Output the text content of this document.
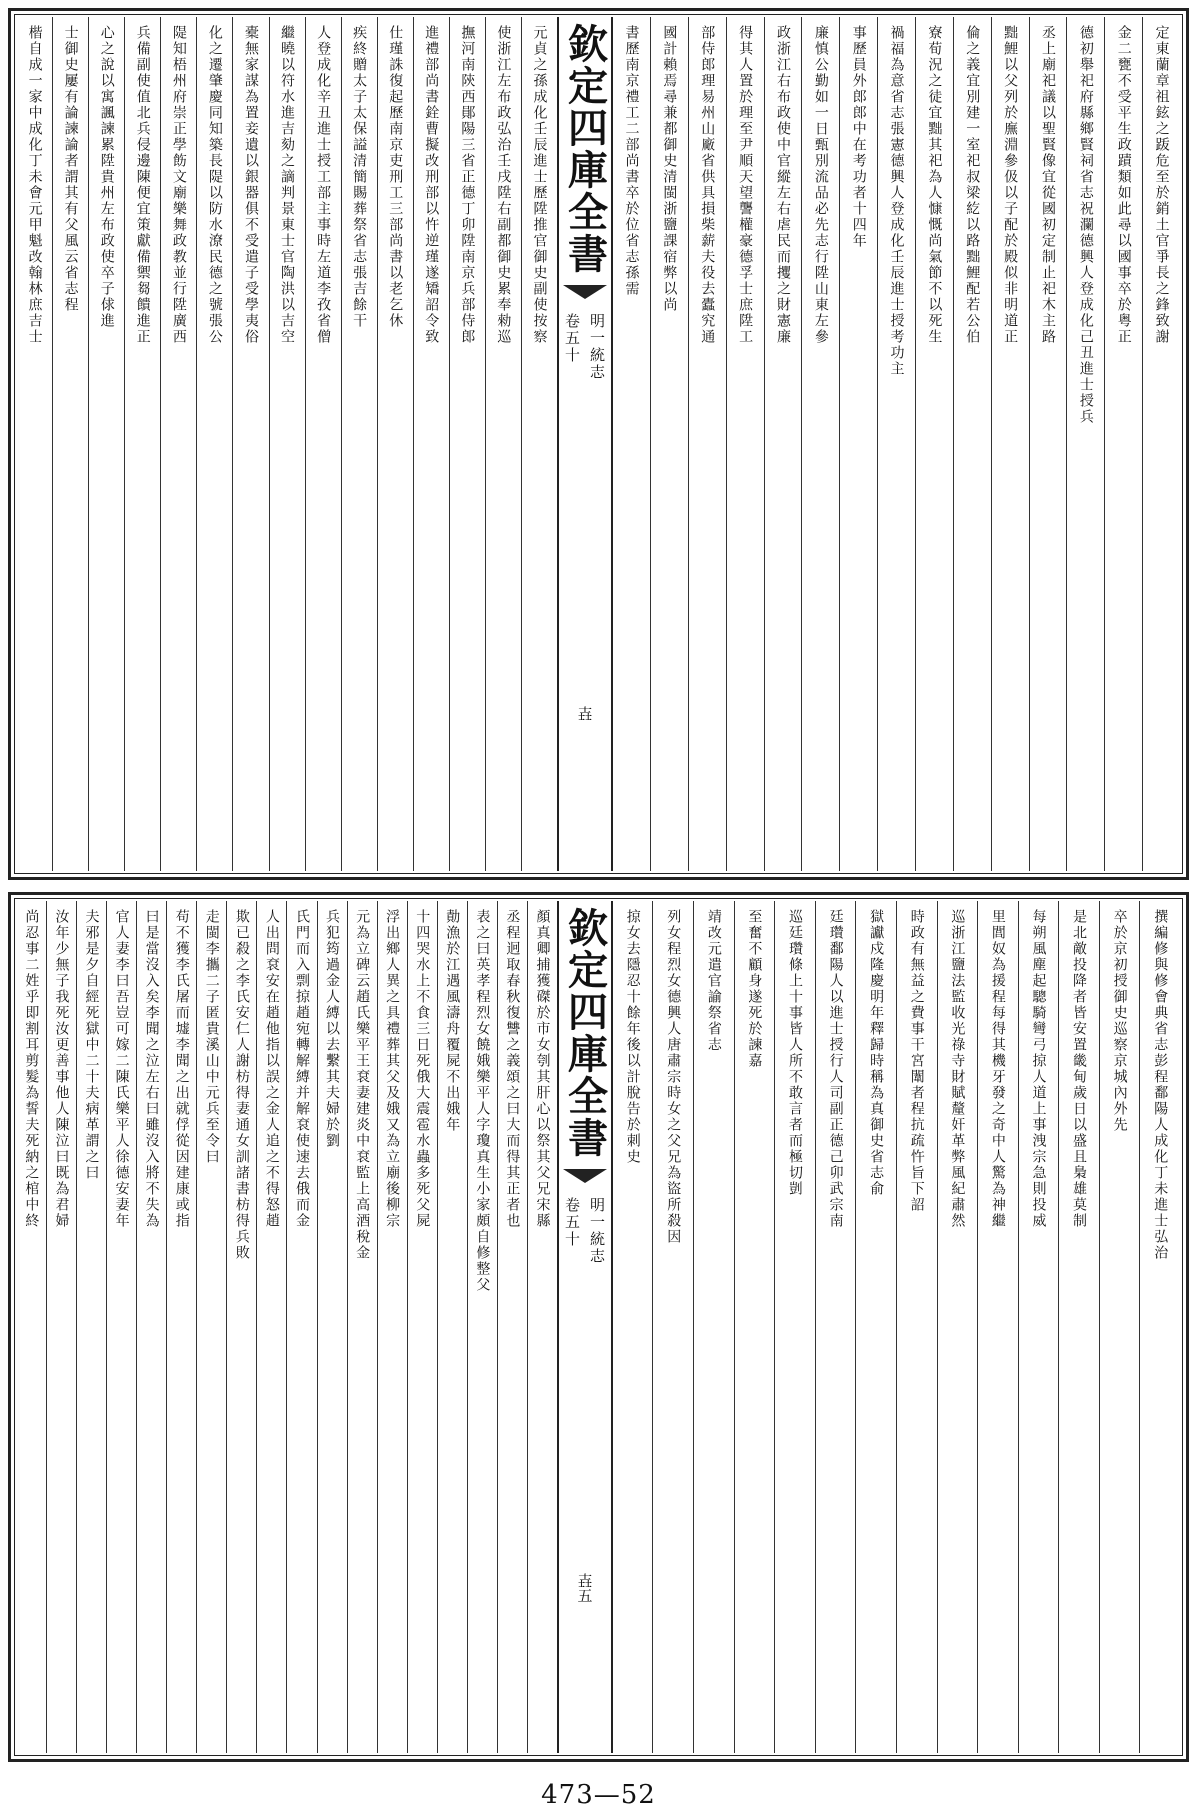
定東蘭章祖鉉之䟦危至於銷土官爭長之鋒致謝
金二甕不受平生政蹟類如此尋以國事卒於粤正
德初舉祀府縣鄉賢祠省志祝瀾德興人登成化己丑進士授兵
丞上廟祀議以聖賢像宜從國初定制止祀木主路
黜鯉以父列於廡淵參伋以子配於殿似非明道正
倫之義宜別建一室祀叔梁紇以路黜鯉配若公伯
寮荀況之徒宜黜其祀為人慷慨尚氣節不以死生
禍福為意省志張憲德興人登成化壬辰進士授考功主
事歷員外郎郎中在考功者十四年
廉慎公勤如一日甄別流品必先志行陞山東左參
政浙江右布政使中官縱左右虐民而攫之財憲廉
得其人置於理至尹順天望讋權豪德孚士庶陞工
部侍郎理易州山廠省供具損柴薪夫役去蠹究通
國計賴焉尋兼都御史清閩浙鹽課宿弊以尚
書歷南京禮工二部尚書卒於位省志孫需
欽定四庫全書
明一統志
卷五十
壵
元貞之孫成化壬辰進士歷陞推官御史副使按察
使浙江左布政弘治壬戌陞右副都御史累奉勑巡
撫河南陝西鄖陽三省正德丁卯陞南京兵部侍郎
進禮部尚書銓曹擬改刑部以忤逆瑾遂矯詔令致
仕瑾誅復起歷南京吏刑工三部尚書以老乞休
疾終贈太子太保謚清簡賜葬祭省志張吉餘干
人登成化辛丑進士授工部主事時左道李孜省僧
繼曉以符水進吉劾之謫判景東士官陶洪以吉空
橐無家謀為置妾遺以銀器俱不受遣子受學夷俗
化之遷肇慶同知築長隄以防水潦民德之號張公
隄知梧州府崇正學飭文廟樂舞政教並行陞廣西
兵備副使值北兵侵邊陳便宜策獻備禦芻饋進正
心之說以寓諷諫累陞貴州左布政使卒子俅進
士御史屢有論諫論者謂其有父風云省志程
楷自成一家中成化丁未會元甲魁改翰林庶吉士
撰編修與修會典省志彭程鄱陽人成化丁未進士弘治
卒於京初授御史巡察京城內外先
是北敵投降者皆安置畿甸歲日以盛且梟雄莫制
每朔風塵起驄騎彎弓掠人道上事洩宗急則投威
里閭奴為援程每得其機牙發之奇中人驚為神繼
巡浙江鹽法監收光祿寺財賦釐奸革弊風紀肅然
時政有無益之費事干宮闈者程抗疏忤旨下詔
獄讞戍隆慶明年釋歸時稱為真御史省志俞
廷瓚鄱陽人以進士授行人司副正德己卯武宗南
巡廷瓚條上十事皆人所不敢言者而極切剴
至奮不顧身遂死於諫嘉
靖改元遣官諭祭省志
列女程烈女德興人唐肅宗時女之父兄為盜所殺因
掠女去隱忍十餘年後以計脫告於刺史
欽定四庫全書
明一統志
卷五十
壵五
顏真卿捕獲磔於市女刳其肝心以祭其父兄宋縣
丞程迥取春秋復讐之義頌之曰大而得其正者也
表之曰英孝程烈女饒娥樂平人字瓊真生小家頗自修整父
勣漁於江遇風濤舟覆屍不出娥年
十四哭水上不食三日死俄大震雹水蟲多死父屍
浮出鄉人異之具禮葬其父及娥又為立廟後柳宗
元為立碑云趙氏樂平王袞妻建炎中袞監上高酒稅金
兵犯筠過金人縛以去繫其夫婦於劉
氏門而入剽掠趙宛轉解縛并解袞使速去俄而金
人出問袞安在趙他指以誤之金人追之不得怒趙
欺已殺之李氏安仁人謝枋得妻通女訓諸書枋得兵敗
走閩李攜二子匿貴溪山中元兵至令曰
苟不獲李氏屠而墟李聞之出就俘從因建康或指
曰是當沒入矣李聞之泣左右曰雖沒入將不失為
官人妻李曰吾豈可嫁二陳氏樂平人徐德安妻年
夫邪是夕自經死獄中二十夫病革謂之曰
汝年少無子我死汝更善事他人陳泣曰既為君婦
尚忍事二姓乎即割耳剪髮為誓夫死納之棺中終
473—52
